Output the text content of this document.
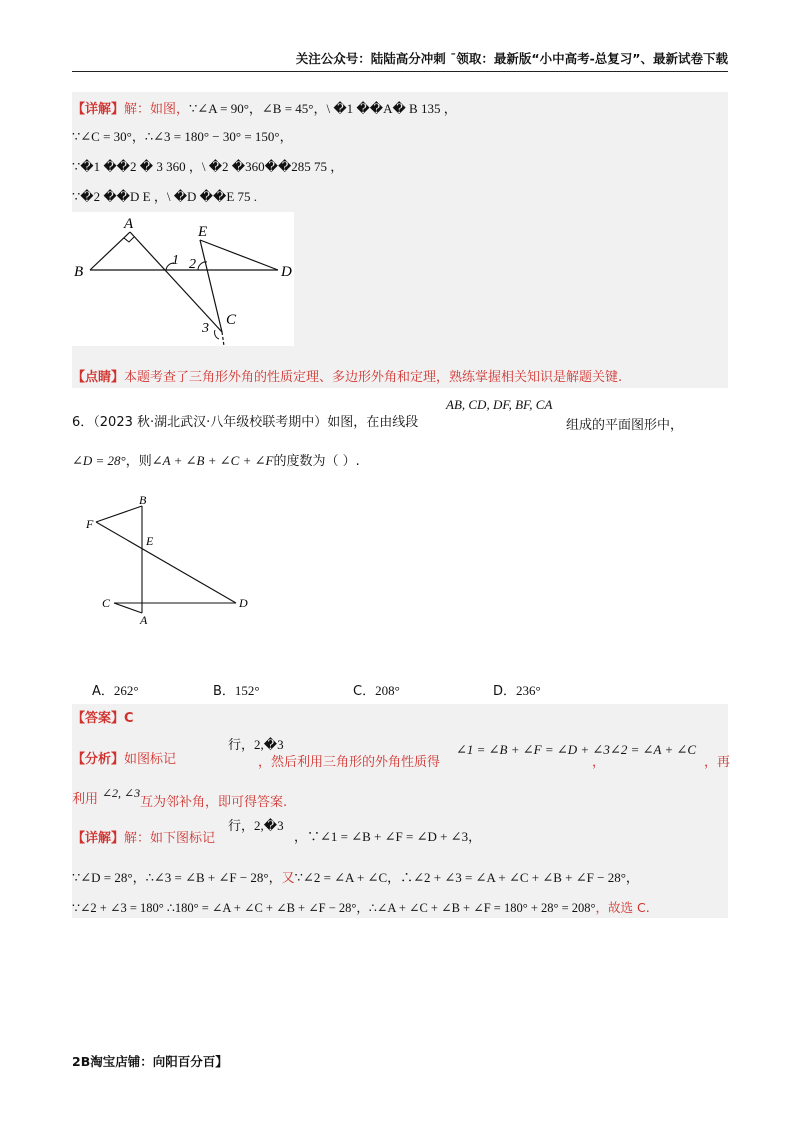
关注公众号：陆陆高分冲刺 ¯领取：最新版“小中高考-总复习”、最新试卷下载
【详解】解：如图，∵∠A = 90°，∠B = 45°，\ �1 ��A� B 135 ，
∵∠C = 30°，∴∠3 = 180° − 30° = 150°，
∵�1 ��2 � 3 360 ，\ �2 �360��285 75 ，
∵�2 ��D E ，\ �D ��E 75 .
B
A	E
D
C
1 2
3
【点睛】本题考查了三角形外角的性质定理、多边形外角和定理，熟练掌握相关知识是解题关键.
6．（2023 秋·湖北武汉·八年级校联考期中）如图，在由线段
AB, CD, DF, BF, CA
组成的平面图形中，
∠D = 28°，则∠A + ∠B + ∠C + ∠F的度数为（ ）.
B
F
E
C	D
A
A．262°	B．152°	C．208°	D．236°
【答案】C
【分析】如图标记
行，2,�3
，然后利用三角形的外角性质得
∠1 = ∠B + ∠F = ∠D + ∠3
，
∠2 = ∠A + ∠C
，再
利用 ∠2, ∠3
互为邻补角，即可得答案.
【详解】解：如下图标记
行，2,�3
，∵∠1 = ∠B + ∠F = ∠D + ∠3，
∵∠D = 28°，∴∠3 = ∠B + ∠F − 28°，又∵∠2 = ∠A + ∠C，∴∠2 + ∠3 = ∠A + ∠C + ∠B + ∠F − 28°，
∵∠2 + ∠3 = 180° ∴180° = ∠A + ∠C + ∠B + ∠F − 28°，∴∠A + ∠C + ∠B + ∠F = 180° + 28° = 208°，故选 C.
2B淘宝店铺：向阳百分百】
